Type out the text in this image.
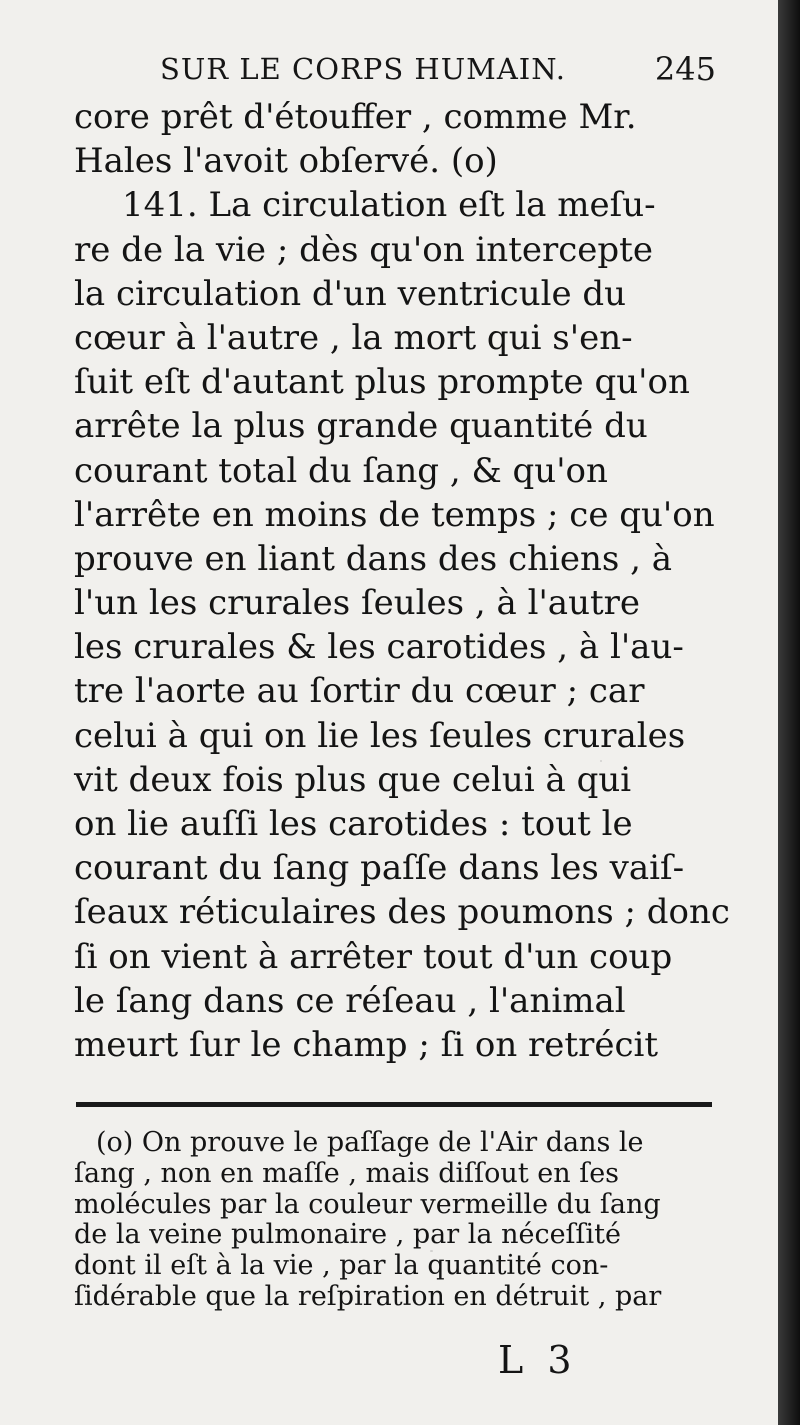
SUR LE CORPS HUMAIN.	245
core prêt d'étouffer , comme Mr.
Hales l'avoit obſervé. (o)
141. La circulation eſt la meſu-
re de la vie ; dès qu'on intercepte
la circulation d'un ventricule du
cœur à l'autre , la mort qui s'en-
ſuit eſt d'autant plus prompte qu'on
arrête la plus grande quantité du
courant total du ſang , & qu'on
l'arrête en moins de temps ; ce qu'on
prouve en liant dans des chiens , à
l'un les crurales ſeules , à l'autre
les crurales & les carotides , à l'au-
tre l'aorte au ſortir du cœur ; car
celui à qui on lie les ſeules crurales
vit deux fois plus que celui à qui
on lie auſſi les carotides : tout le
courant du ſang paſſe dans les vaiſ-
ſeaux réticulaires des poumons ; donc
ſi on vient à arrêter tout d'un coup
le ſang dans ce réſeau , l'animal
meurt ſur le champ ; ſi on retrécit
(o) On prouve le paſſage de l'Air dans le
ſang , non en maſſe , mais diſſout en ſes
molécules par la couleur vermeille du ſang
de la veine pulmonaire , par la néceſſité
dont il eſt à la vie , par la quantité con-
ſidérable que la reſpiration en détruit , par
L 3
